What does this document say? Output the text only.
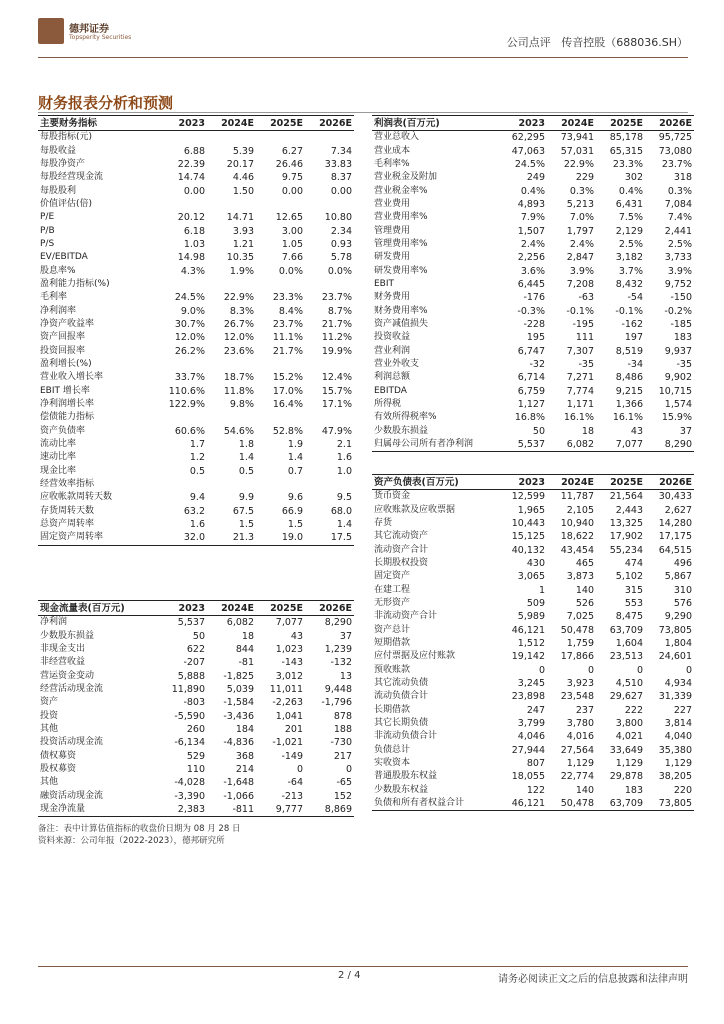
德邦证券
Topsperity Securities	公司点评   传音控股（688036.SH）
财务报表分析和预测
主要财务指标	2023	2024E	2025E	2026E
每股指标(元)				
每股收益	6.88	5.39	6.27	7.34
每股净资产	22.39	20.17	26.46	33.83
每股经营现金流	14.74	4.46	9.75	8.37
每股股利	0.00	1.50	0.00	0.00
价值评估(倍)				
P/E	20.12	14.71	12.65	10.80
P/B	6.18	3.93	3.00	2.34
P/S	1.03	1.21	1.05	0.93
EV/EBITDA	14.98	10.35	7.66	5.78
股息率%	4.3%	1.9%	0.0%	0.0%
盈利能力指标(%)				
毛利率	24.5%	22.9%	23.3%	23.7%
净利润率	9.0%	8.3%	8.4%	8.7%
净资产收益率	30.7%	26.7%	23.7%	21.7%
资产回报率	12.0%	12.0%	11.1%	11.2%
投资回报率	26.2%	23.6%	21.7%	19.9%
盈利增长(%)				
营业收入增长率	33.7%	18.7%	15.2%	12.4%
EBIT 增长率	110.6%	11.8%	17.0%	15.7%
净利润增长率	122.9%	9.8%	16.4%	17.1%
偿债能力指标				
资产负债率	60.6%	54.6%	52.8%	47.9%
流动比率	1.7	1.8	1.9	2.1
速动比率	1.2	1.4	1.4	1.6
现金比率	0.5	0.5	0.7	1.0
经营效率指标				
应收帐款周转天数	9.4	9.9	9.6	9.5
存货周转天数	63.2	67.5	66.9	68.0
总资产周转率	1.6	1.5	1.5	1.4
固定资产周转率	32.0	21.3	19.0	17.5
利润表(百万元)	2023	2024E	2025E	2026E
营业总收入	62,295	73,941	85,178	95,725
营业成本	47,063	57,031	65,315	73,080
毛利率%	24.5%	22.9%	23.3%	23.7%
营业税金及附加	249	229	302	318
营业税金率%	0.4%	0.3%	0.4%	0.3%
营业费用	4,893	5,213	6,431	7,084
营业费用率%	7.9%	7.0%	7.5%	7.4%
管理费用	1,507	1,797	2,129	2,441
管理费用率%	2.4%	2.4%	2.5%	2.5%
研发费用	2,256	2,847	3,182	3,733
研发费用率%	3.6%	3.9%	3.7%	3.9%
EBIT	6,445	7,208	8,432	9,752
财务费用	-176	-63	-54	-150
财务费用率%	-0.3%	-0.1%	-0.1%	-0.2%
资产减值损失	-228	-195	-162	-185
投资收益	195	111	197	183
营业利润	6,747	7,307	8,519	9,937
营业外收支	-32	-35	-34	-35
利润总额	6,714	7,271	8,486	9,902
EBITDA	6,759	7,774	9,215	10,715
所得税	1,127	1,171	1,366	1,574
有效所得税率%	16.8%	16.1%	16.1%	15.9%
少数股东损益	50	18	43	37
归属母公司所有者净利润	5,537	6,082	7,077	8,290
资产负债表(百万元)	2023	2024E	2025E	2026E
货币资金	12,599	11,787	21,564	30,433
应收账款及应收票据	1,965	2,105	2,443	2,627
存货	10,443	10,940	13,325	14,280
其它流动资产	15,125	18,622	17,902	17,175
流动资产合计	40,132	43,454	55,234	64,515
长期股权投资	430	465	474	496
固定资产	3,065	3,873	5,102	5,867
在建工程	1	140	315	310
无形资产	509	526	553	576
非流动资产合计	5,989	7,025	8,475	9,290
资产总计	46,121	50,478	63,709	73,805
短期借款	1,512	1,759	1,604	1,804
应付票据及应付账款	19,142	17,866	23,513	24,601
预收账款	0	0	0	0
其它流动负债	3,245	3,923	4,510	4,934
流动负债合计	23,898	23,548	29,627	31,339
长期借款	247	237	222	227
其它长期负债	3,799	3,780	3,800	3,814
非流动负债合计	4,046	4,016	4,021	4,040
负债总计	27,944	27,564	33,649	35,380
实收资本	807	1,129	1,129	1,129
普通股股东权益	18,055	22,774	29,878	38,205
少数股东权益	122	140	183	220
负债和所有者权益合计	46,121	50,478	63,709	73,805
现金流量表(百万元)	2023	2024E	2025E	2026E
净利润	5,537	6,082	7,077	8,290
少数股东损益	50	18	43	37
非现金支出	622	844	1,023	1,239
非经营收益	-207	-81	-143	-132
营运资金变动	5,888	-1,825	3,012	13
经营活动现金流	11,890	5,039	11,011	9,448
资产	-803	-1,584	-2,263	-1,796
投资	-5,590	-3,436	1,041	878
其他	260	184	201	188
投资活动现金流	-6,134	-4,836	-1,021	-730
债权募资	529	368	-149	217
股权募资	110	214	0	0
其他	-4,028	-1,648	-64	-65
融资活动现金流	-3,390	-1,066	-213	152
现金净流量	2,383	-811	9,777	8,869
备注：表中计算估值指标的收盘价日期为 08 月 28 日
资料来源：公司年报（2022-2023），德邦研究所
2 / 4	请务必阅读正文之后的信息披露和法律声明
